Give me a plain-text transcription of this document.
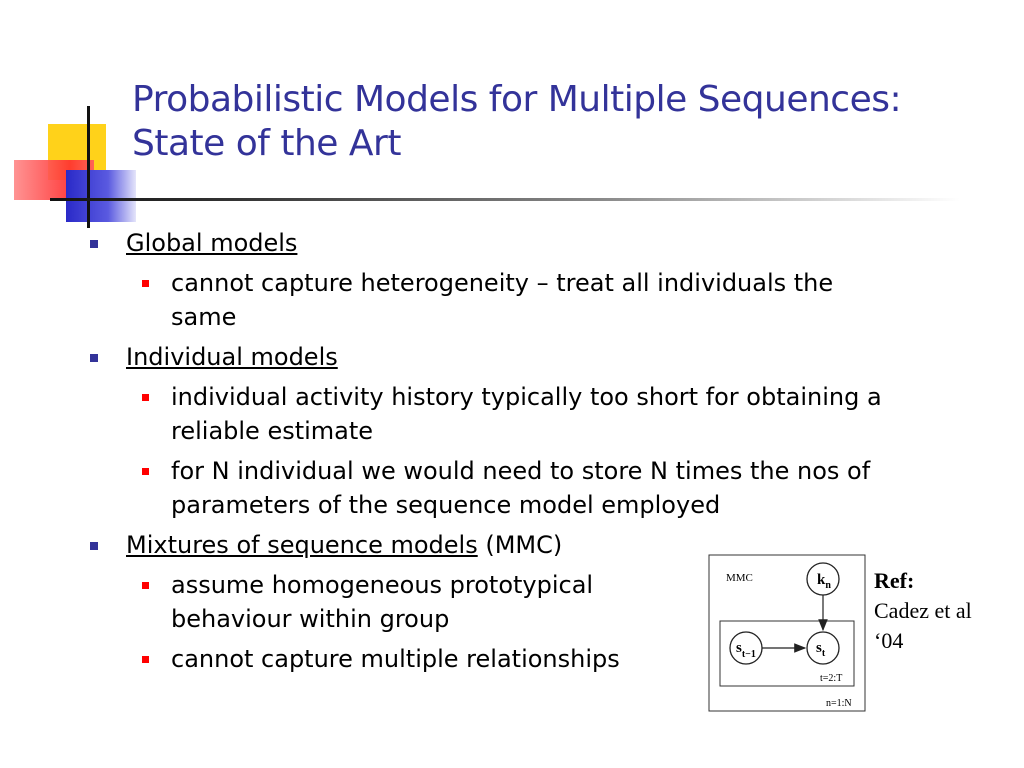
Probabilistic Models for Multiple Sequences:
State of the Art
Global models
cannot capture heterogeneity – treat all individuals the
same
Individual models
individual activity history typically too short for obtaining a
reliable estimate
for N individual we would need to store N times the nos of
parameters of the sequence model employed
Mixtures of sequence models (MMC)
assume homogeneous prototypical
behaviour within group
cannot capture multiple relationships
MMC	$k_n$
$s_{t-1}$	$s_t$
t=2:T
n=1:N
Ref:
Cadez et al
‘04
